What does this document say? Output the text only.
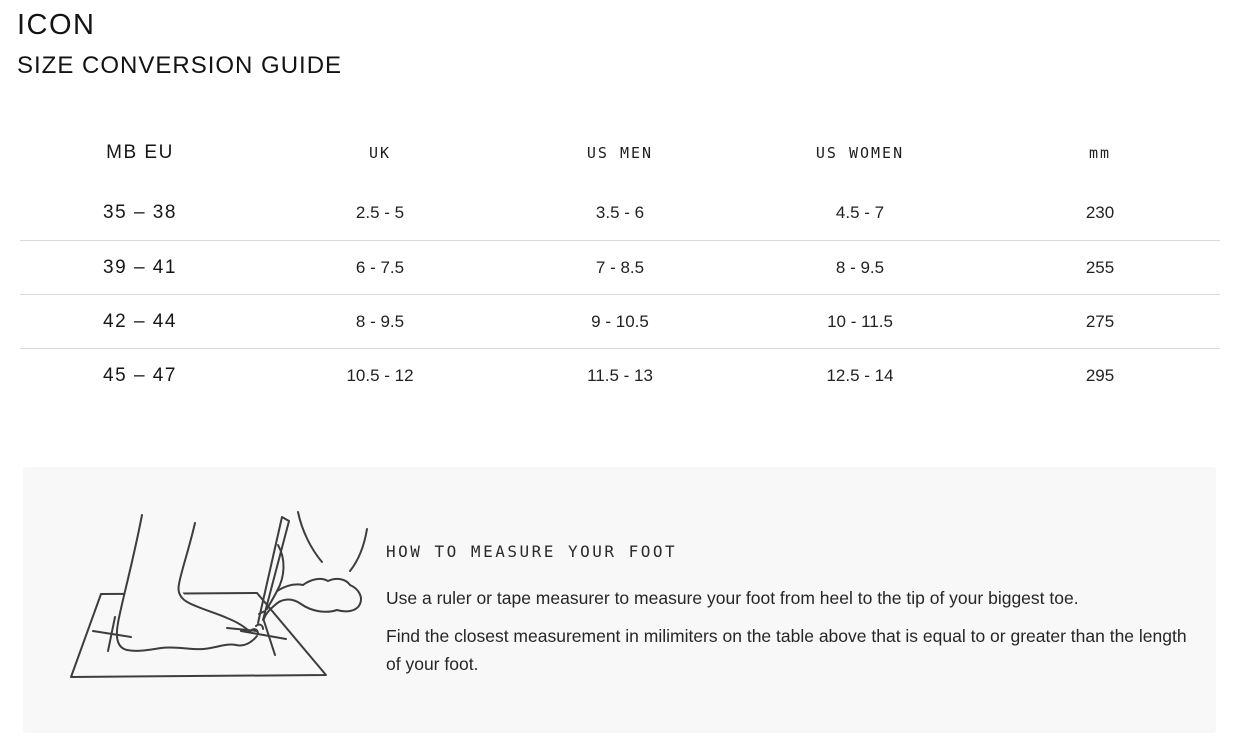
ICON
SIZE CONVERSION GUIDE
MB EU	UK	US MEN	US WOMEN	mm
35 – 38	2.5 - 5	3.5 - 6	4.5 - 7	230
39 – 41	6 - 7.5	7 - 8.5	8 - 9.5	255
42 – 44	8 - 9.5	9 - 10.5	10 - 11.5	275
45 – 47	10.5 - 12	11.5 - 13	12.5 - 14	295
HOW TO MEASURE YOUR FOOT
Use a ruler or tape measurer to measure your foot from heel to the tip of your biggest toe.
Find the closest measurement in milimiters on the table above that is equal to or greater than the length of your foot.
